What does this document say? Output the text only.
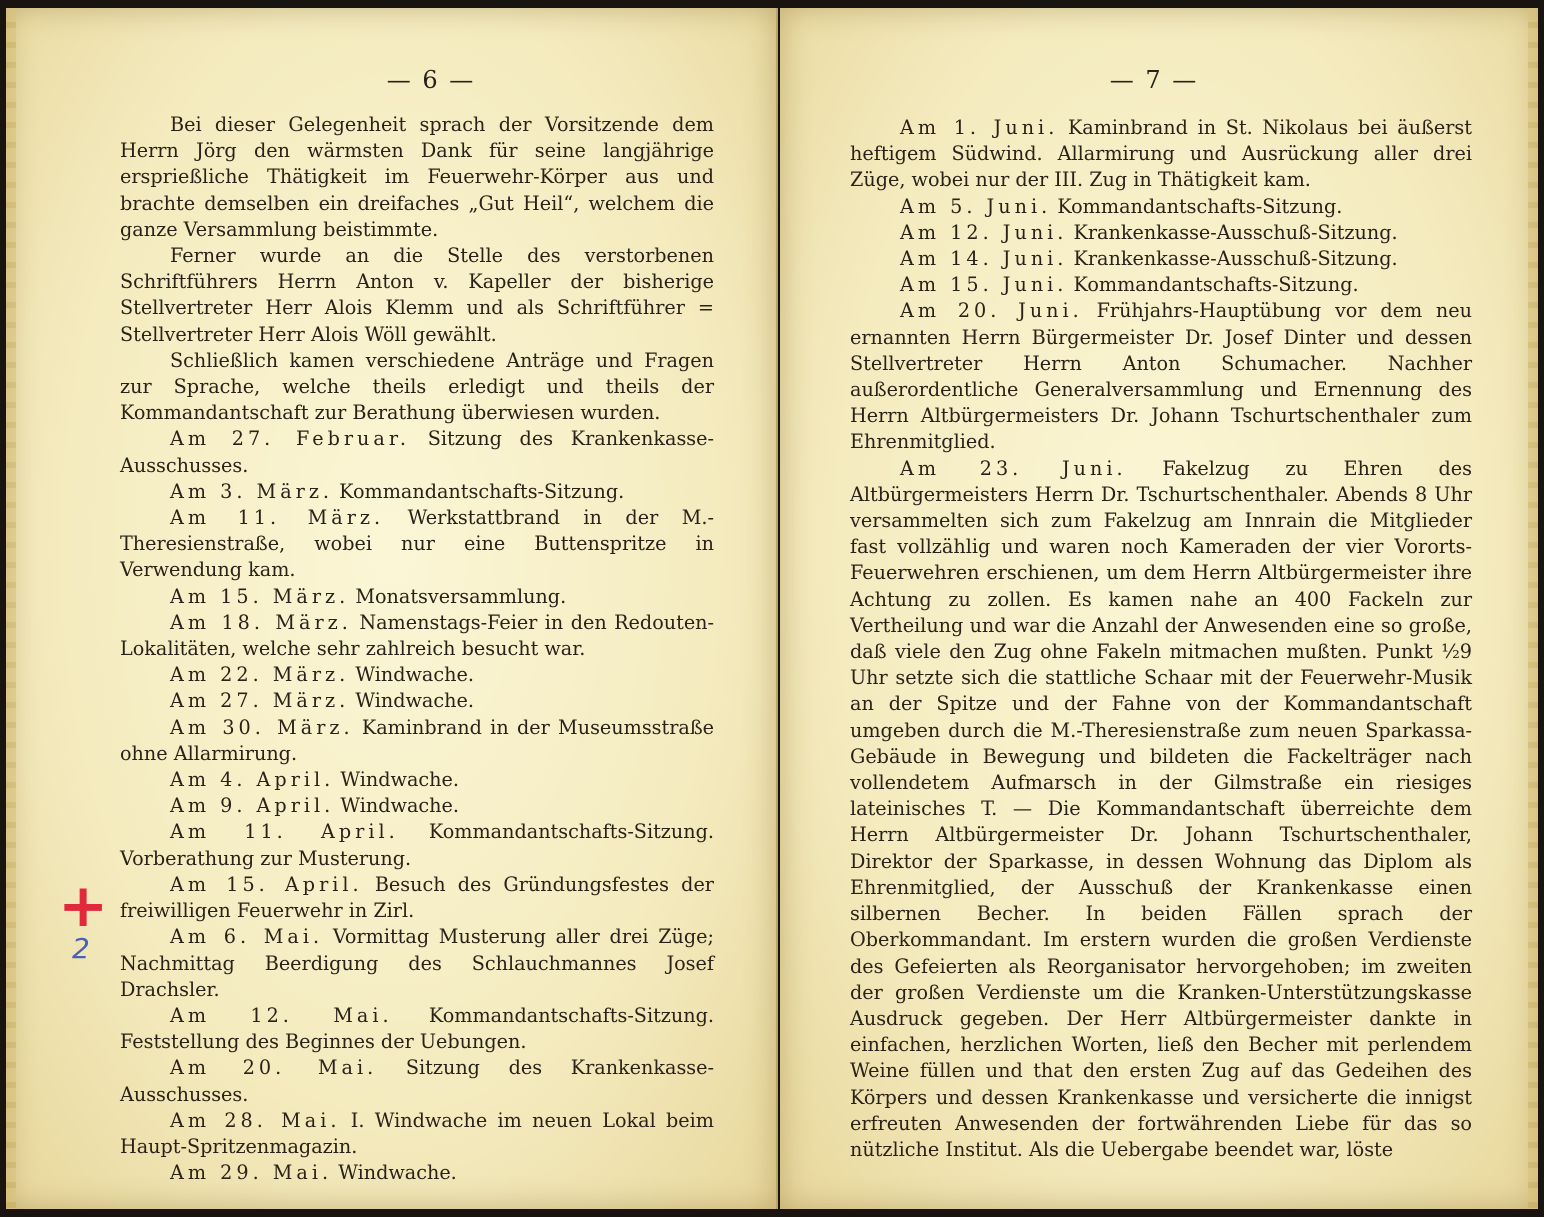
— 6 —

Bei dieser Gelegenheit sprach der Vorsitzende dem Herrn Jörg den wärmsten Dank für seine langjährige ersprießliche Thätigkeit im Feuerwehr-Körper aus und brachte demselben ein dreifaches „Gut Heil“, welchem die ganze Versammlung beistimmte.

Ferner wurde an die Stelle des verstorbenen Schriftführers Herrn Anton v. Kapeller der bisherige Stellvertreter Herr Alois Klemm und als Schriftführer = Stellvertreter Herr Alois Wöll gewählt.

Schließlich kamen verschiedene Anträge und Fragen zur Sprache, welche theils erledigt und theils der Kommandantschaft zur Berathung überwiesen wurden.

Am 27. Februar. Sitzung des Krankenkasse-Ausschusses.

Am 3. März. Kommandantschafts-Sitzung.

Am 11. März. Werkstattbrand in der M.-Theresienstraße, wobei nur eine Buttenspritze in Verwendung kam.

Am 15. März. Monatsversammlung.

Am 18. März. Namenstags-Feier in den Redouten-Lokalitäten, welche sehr zahlreich besucht war.

Am 22. März. Windwache.

Am 27. März. Windwache.

Am 30. März. Kaminbrand in der Museumsstraße ohne Allarmirung.

Am 4. April. Windwache.

Am 9. April. Windwache.

Am 11. April. Kommandantschafts-Sitzung. Vorberathung zur Musterung.

Am 15. April. Besuch des Gründungsfestes der freiwilligen Feuerwehr in Zirl.

Am 6. Mai. Vormittag Musterung aller drei Züge; Nachmittag Beerdigung des Schlauchmannes Josef Drachsler.

Am 12. Mai. Kommandantschafts-Sitzung. Feststellung des Beginnes der Uebungen.

Am 20. Mai. Sitzung des Krankenkasse-Ausschusses.

Am 28. Mai. I. Windwache im neuen Lokal beim Haupt-Spritzenmagazin.

Am 29. Mai. Windwache.

+
2
— 7 —

Am 1. Juni. Kaminbrand in St. Nikolaus bei äußerst heftigem Südwind. Allarmirung und Ausrückung aller drei Züge, wobei nur der III. Zug in Thätigkeit kam.

Am 5. Juni. Kommandantschafts-Sitzung.

Am 12. Juni. Krankenkasse-Ausschuß-Sitzung.

Am 14. Juni. Krankenkasse-Ausschuß-Sitzung.

Am 15. Juni. Kommandantschafts-Sitzung.

Am 20. Juni. Frühjahrs-Hauptübung vor dem neu ernannten Herrn Bürgermeister Dr. Josef Dinter und dessen Stellvertreter Herrn Anton Schumacher. Nachher außerordentliche Generalversammlung und Ernennung des Herrn Altbürgermeisters Dr. Johann Tschurtschenthaler zum Ehrenmitglied.

Am 23. Juni. Fakelzug zu Ehren des Altbürgermeisters Herrn Dr. Tschurtschenthaler. Abends 8 Uhr versammelten sich zum Fakelzug am Innrain die Mitglieder fast vollzählig und waren noch Kameraden der vier Vororts-Feuerwehren erschienen, um dem Herrn Altbürgermeister ihre Achtung zu zollen. Es kamen nahe an 400 Fackeln zur Vertheilung und war die Anzahl der Anwesenden eine so große, daß viele den Zug ohne Fakeln mitmachen mußten. Punkt ½9 Uhr setzte sich die stattliche Schaar mit der Feuerwehr-Musik an der Spitze und der Fahne von der Kommandantschaft umgeben durch die M.-Theresienstraße zum neuen Sparkassa-Gebäude in Bewegung und bildeten die Fackelträger nach vollendetem Aufmarsch in der Gilmstraße ein riesiges lateinisches T. — Die Kommandantschaft überreichte dem Herrn Altbürgermeister Dr. Johann Tschurtschenthaler, Direktor der Sparkasse, in dessen Wohnung das Diplom als Ehrenmitglied, der Ausschuß der Krankenkasse einen silbernen Becher. In beiden Fällen sprach der Oberkommandant. Im erstern wurden die großen Verdienste des Gefeierten als Reorganisator hervorgehoben; im zweiten der großen Verdienste um die Kranken-Unterstützungskasse Ausdruck gegeben. Der Herr Altbürgermeister dankte in einfachen, herzlichen Worten, ließ den Becher mit perlendem Weine füllen und that den ersten Zug auf das Gedeihen des Körpers und dessen Krankenkasse und versicherte die innigst erfreuten Anwesenden der fortwährenden Liebe für das so nützliche Institut. Als die Uebergabe beendet war, löste
